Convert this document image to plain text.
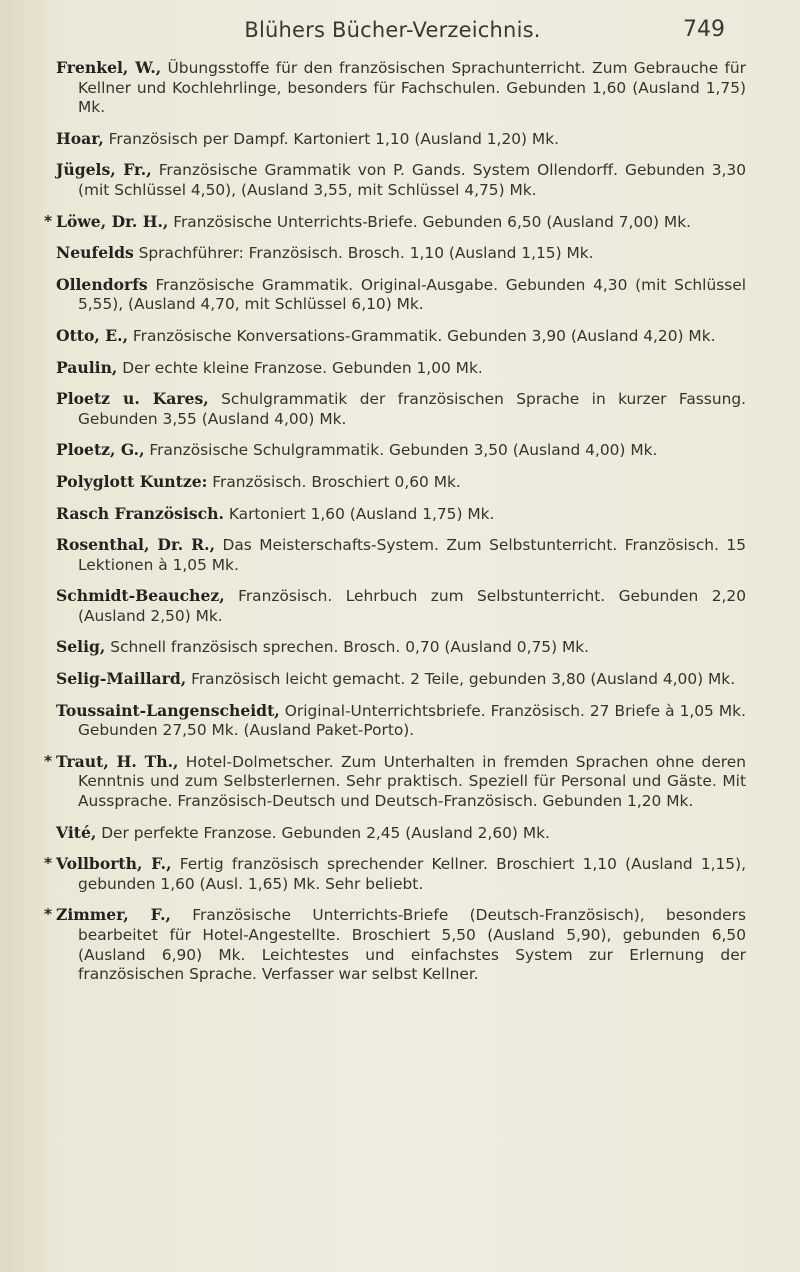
Blühers Bücher-Verzeichnis.	749

Frenkel, W., Übungsstoffe für den französischen Sprachunterricht. Zum Gebrauche für Kellner und Kochlehrlinge, besonders für Fachschulen. Gebunden 1,60 (Ausland 1,75) Mk.

Hoar, Französisch per Dampf. Kartoniert 1,10 (Ausland 1,20) Mk.

Jügels, Fr., Französische Grammatik von P. Gands. System Ollendorff. Gebunden 3,30 (mit Schlüssel 4,50), (Ausland 3,55, mit Schlüssel 4,75) Mk.

* Löwe, Dr. H., Französische Unterrichts-Briefe. Gebunden 6,50 (Ausland 7,00) Mk.

Neufelds Sprachführer: Französisch. Brosch. 1,10 (Ausland 1,15) Mk.

Ollendorfs Französische Grammatik. Original-Ausgabe. Gebunden 4,30 (mit Schlüssel 5,55), (Ausland 4,70, mit Schlüssel 6,10) Mk.

Otto, E., Französische Konversations-Grammatik. Gebunden 3,90 (Ausland 4,20) Mk.

Paulin, Der echte kleine Franzose. Gebunden 1,00 Mk.

Ploetz u. Kares, Schulgrammatik der französischen Sprache in kurzer Fassung. Gebunden 3,55 (Ausland 4,00) Mk.

Ploetz, G., Französische Schulgrammatik. Gebunden 3,50 (Ausland 4,00) Mk.

Polyglott Kuntze: Französisch. Broschiert 0,60 Mk.

Rasch Französisch. Kartoniert 1,60 (Ausland 1,75) Mk.

Rosenthal, Dr. R., Das Meisterschafts-System. Zum Selbstunterricht. Französisch. 15 Lektionen à 1,05 Mk.

Schmidt-Beauchez, Französisch. Lehrbuch zum Selbstunterricht. Gebunden 2,20 (Ausland 2,50) Mk.

Selig, Schnell französisch sprechen. Brosch. 0,70 (Ausland 0,75) Mk.

Selig-Maillard, Französisch leicht gemacht. 2 Teile, gebunden 3,80 (Ausland 4,00) Mk.

Toussaint-Langenscheidt, Original-Unterrichtsbriefe. Französisch. 27 Briefe à 1,05 Mk. Gebunden 27,50 Mk. (Ausland Paket-Porto).

* Traut, H. Th., Hotel-Dolmetscher. Zum Unterhalten in fremden Sprachen ohne deren Kenntnis und zum Selbsterlernen. Sehr praktisch. Speziell für Personal und Gäste. Mit Aussprache. Französisch-Deutsch und Deutsch-Französisch. Gebunden 1,20 Mk.

Vité, Der perfekte Franzose. Gebunden 2,45 (Ausland 2,60) Mk.

* Vollborth, F., Fertig französisch sprechender Kellner. Broschiert 1,10 (Ausland 1,15), gebunden 1,60 (Ausl. 1,65) Mk. Sehr beliebt.

* Zimmer, F., Französische Unterrichts-Briefe (Deutsch-Französisch), besonders bearbeitet für Hotel-Angestellte. Broschiert 5,50 (Ausland 5,90), gebunden 6,50 (Ausland 6,90) Mk. Leichtestes und einfachstes System zur Erlernung der französischen Sprache. Verfasser war selbst Kellner.
